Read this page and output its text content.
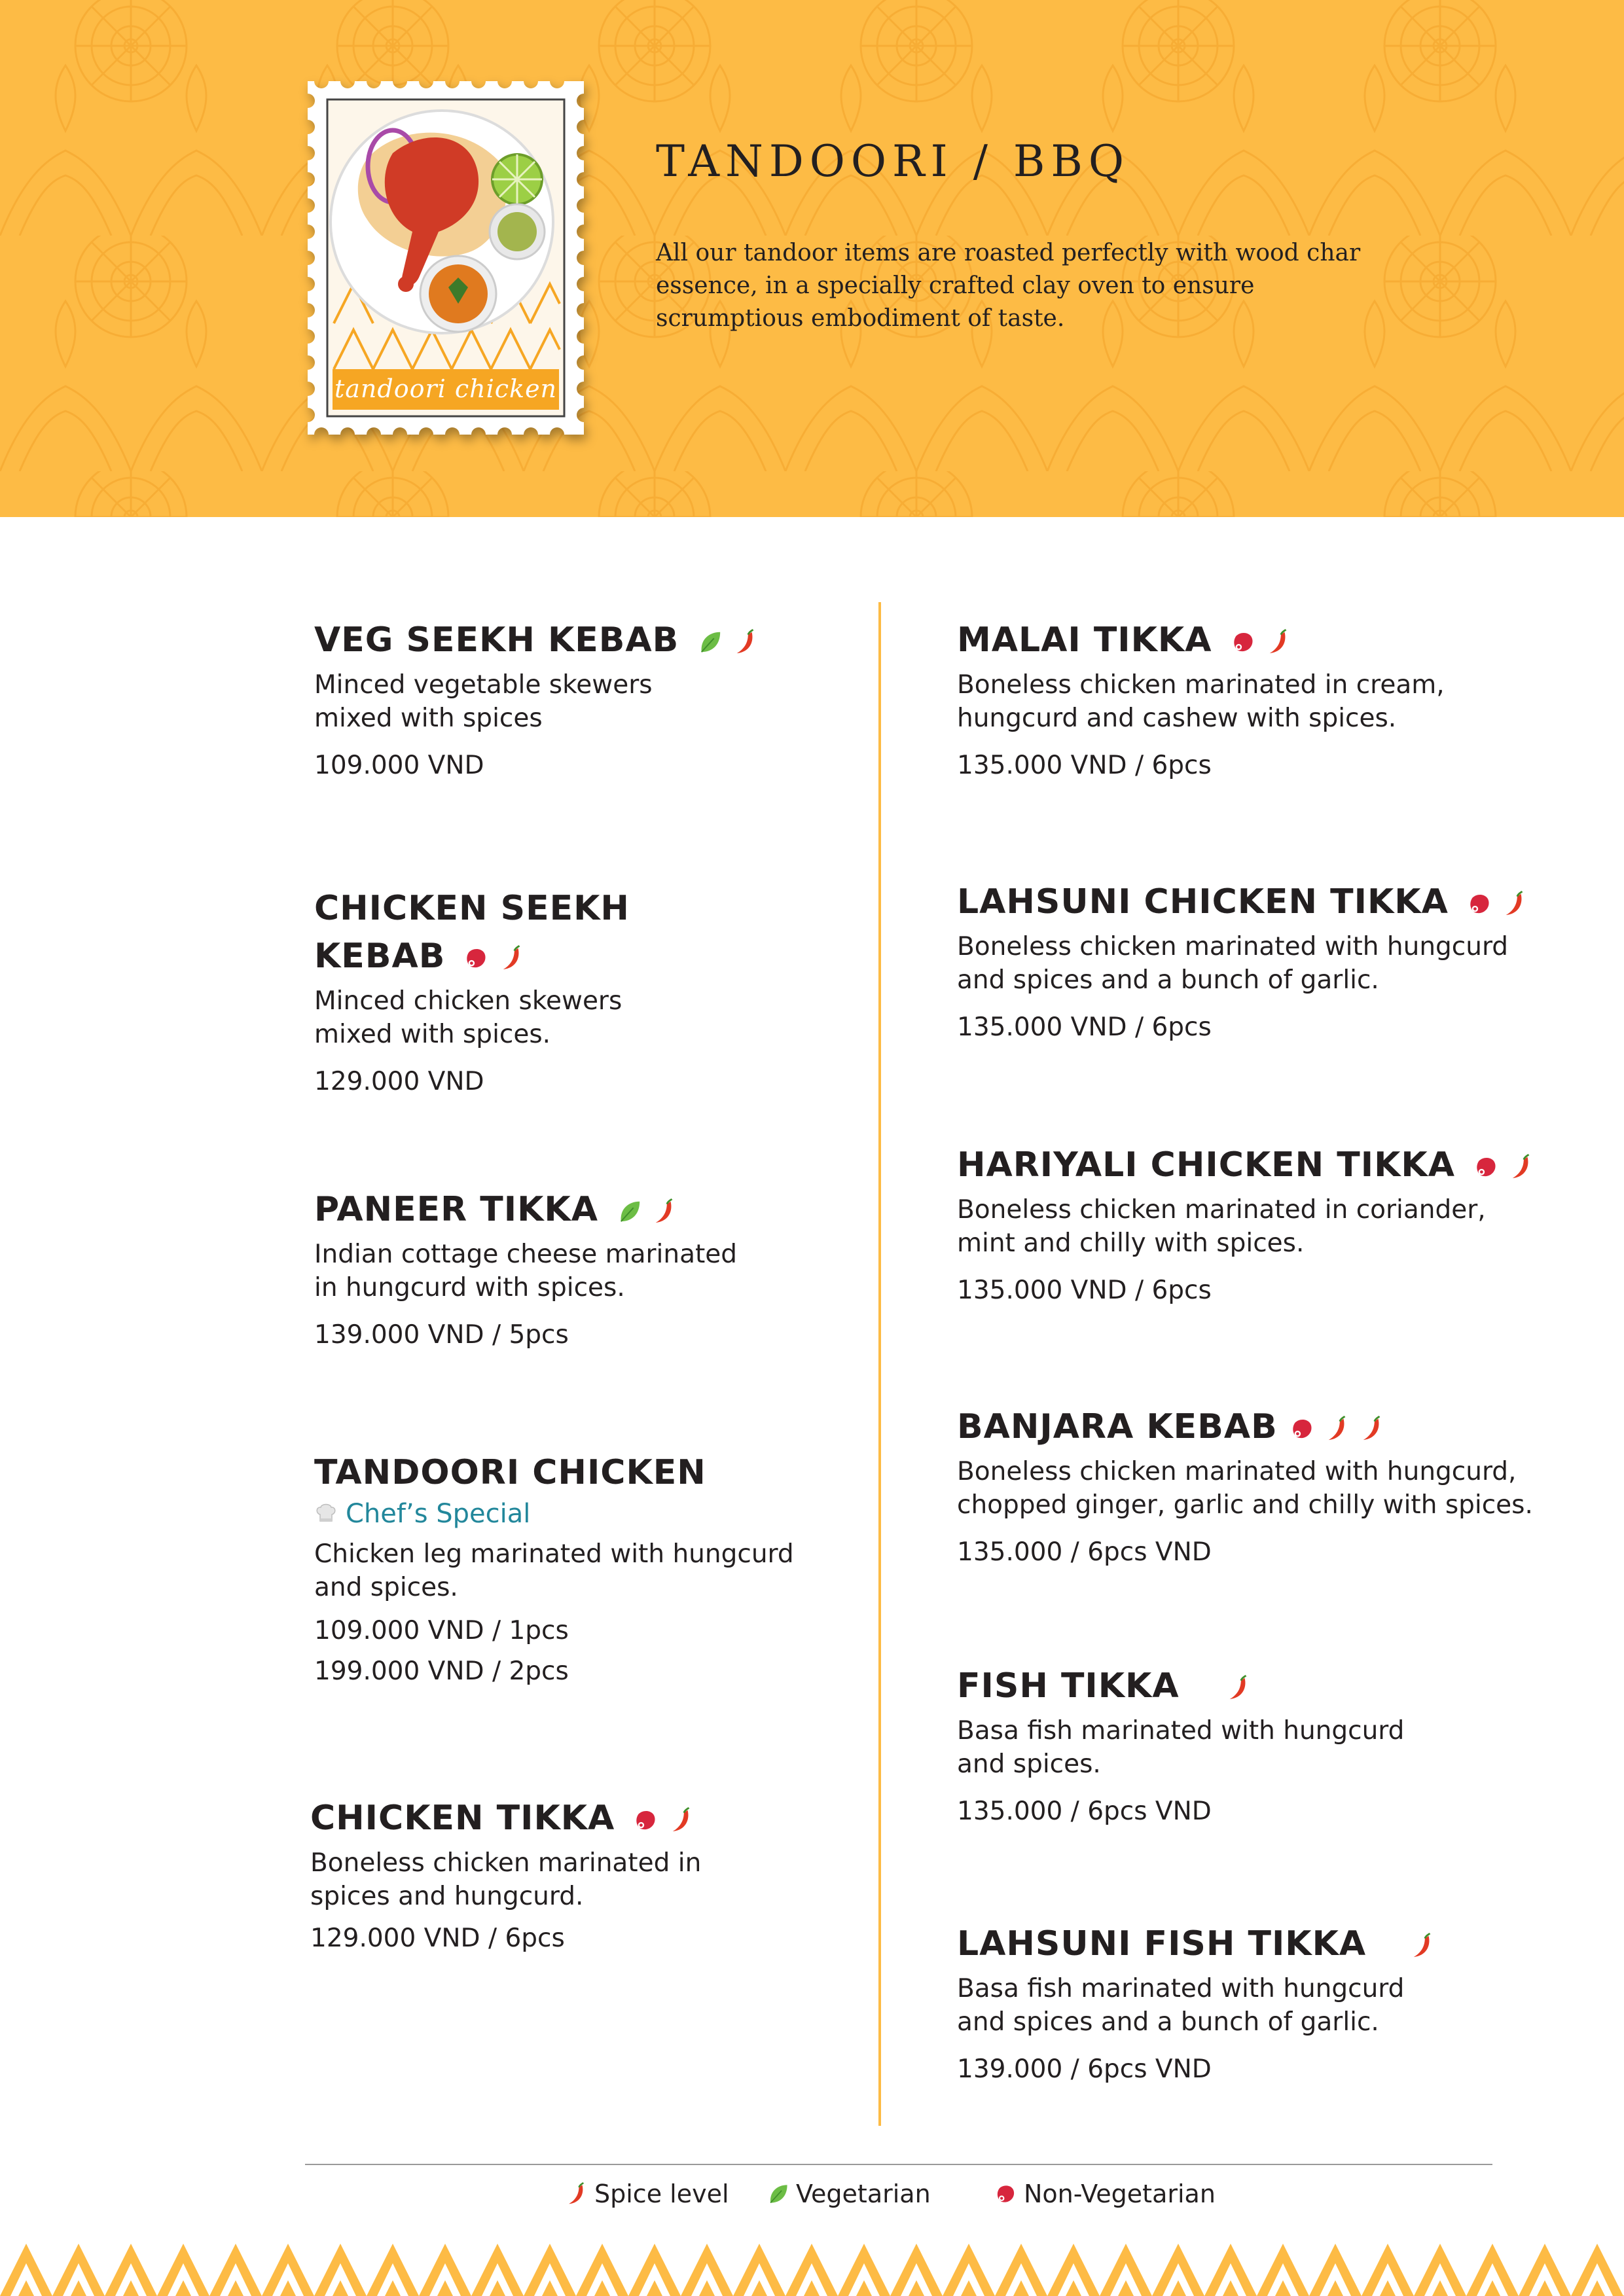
tandoori chicken
TANDOORI / BBQ

All our tandoor items are roasted perfectly with wood char essence, in a specially crafted clay oven to ensure scrumptious embodiment of taste.

VEG SEEKH KEBAB

Minced vegetable skewers mixed with spices

109.000 VND

CHICKEN SEEKH KEBAB

Minced chicken skewers mixed with spices.

129.000 VND

PANEER TIKKA

Indian cottage cheese marinated in hungcurd with spices.

139.000 VND / 5pcs

TANDOORI CHICKEN

Chef’s Special

Chicken leg marinated with hungcurd and spices.

109.000 VND / 1pcs

199.000 VND / 2pcs

CHICKEN TIKKA

Boneless chicken marinated in spices and hungcurd.

129.000 VND / 6pcs

MALAI TIKKA

Boneless chicken marinated in cream, hungcurd and cashew with spices.

135.000 VND / 6pcs

LAHSUNI CHICKEN TIKKA

Boneless chicken marinated with hungcurd and spices and a bunch of garlic.

135.000 VND / 6pcs

HARIYALI CHICKEN TIKKA

Boneless chicken marinated in coriander, mint and chilly with spices.

135.000 VND / 6pcs

BANJARA KEBAB

Boneless chicken marinated with hungcurd, chopped ginger, garlic and chilly with spices.

135.000 / 6pcs VND

FISH TIKKA

Basa fish marinated with hungcurd and spices.

135.000 / 6pcs VND

LAHSUNI FISH TIKKA

Basa fish marinated with hungcurd and spices and a bunch of garlic.

139.000 / 6pcs VND

Spice level	Vegetarian	Non-Vegetarian
